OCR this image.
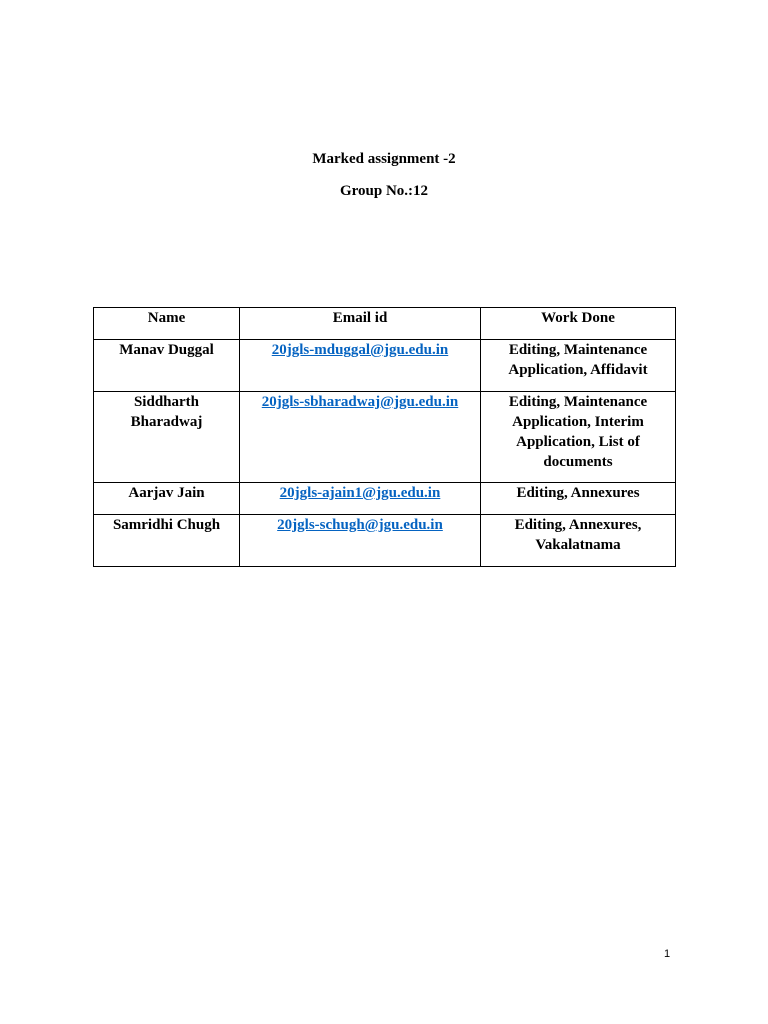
Marked assignment -2

Group No.:12

Name	Email id	Work Done
Manav Duggal	20jgls-mduggal@jgu.edu.in	Editing, Maintenance Application, Affidavit
Siddharth Bharadwaj	20jgls-sbharadwaj@jgu.edu.in	Editing, Maintenance Application, Interim Application, List of documents
Aarjav Jain	20jgls-ajain1@jgu.edu.in	Editing, Annexures
Samridhi Chugh	20jgls-schugh@jgu.edu.in	Editing, Annexures, Vakalatnama
1
